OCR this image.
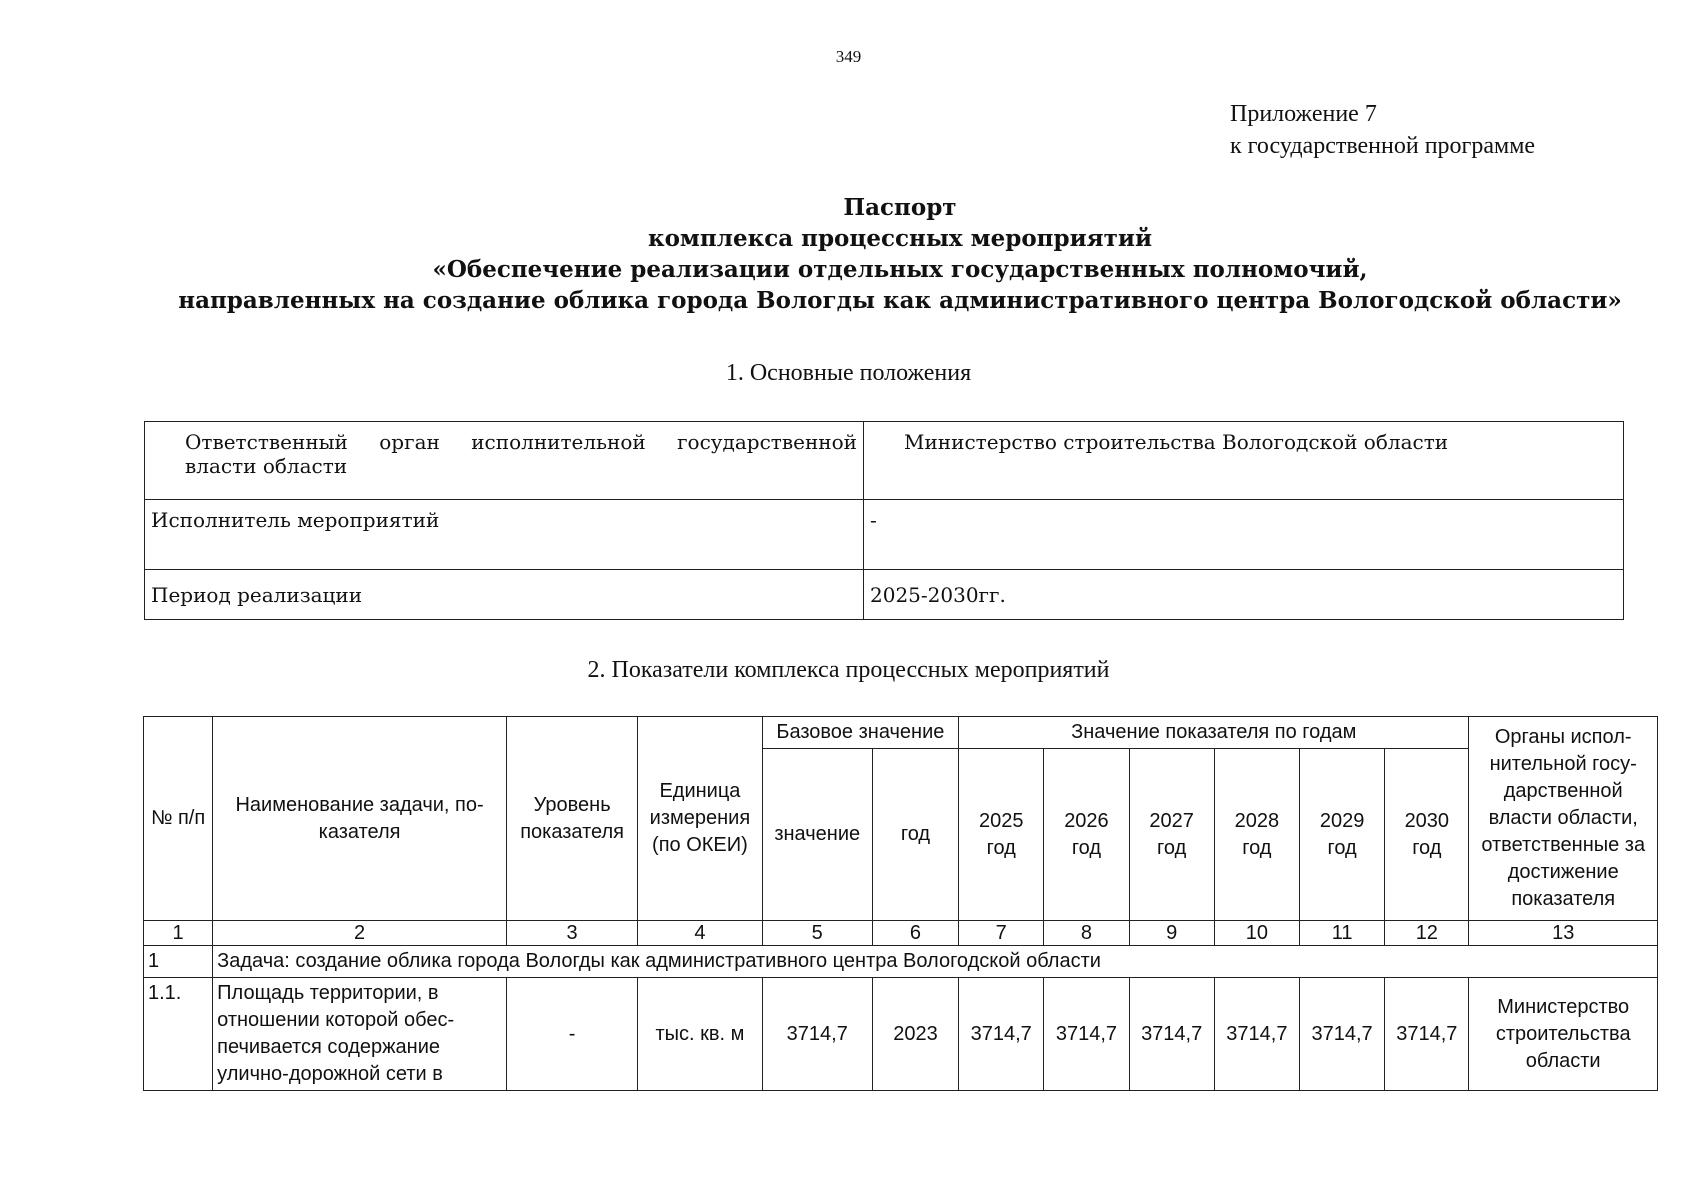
349
Приложение 7
к государственной программе
Паспорт
комплекса процессных мероприятий
«Обеспечение реализации отдельных государственных полномочий,
направленных на создание облика города Вологды как административного центра Вологодской области»
1. Основные положения
Ответственный орган исполнительной государственной власти области	Министерство строительства Вологодской области
Исполнитель мероприятий	-
Период реализации	2025-2030гг.
2. Показатели комплекса процессных мероприятий
№ п/п	Наименование задачи, по-казателя	Уровень показателя	Единица измерения (по ОКЕИ)	Базовое значение		Значение показателя по годам						Органы испол-нительной госу-дарственной власти области, ответственные за достижение показателя
				значение	год	2025 год	2026 год	2027 год	2028 год	2029 год	2030 год	
1	2	3	4	5	6	7	8	9	10	11	12	13
1	Задача: создание облика города Вологды как административного центра Вологодской области											
1.1.	Площадь территории, в отношении которой обес-печивается содержание улично-дорожной сети в	-	тыс. кв. м	3714,7	2023	3714,7	3714,7	3714,7	3714,7	3714,7	3714,7	Министерство строительства области
